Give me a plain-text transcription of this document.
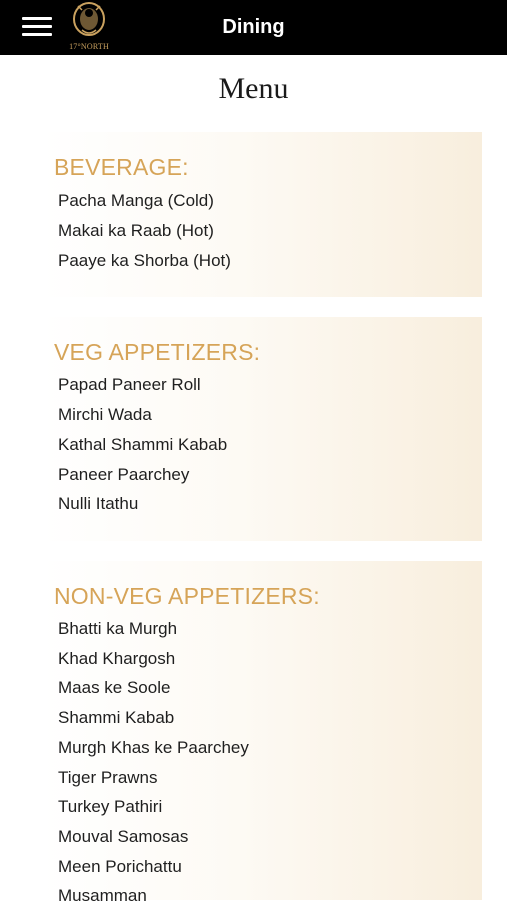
17°NORTH
Dining
Menu
BEVERAGE:
Pacha Manga (Cold)
Makai ka Raab (Hot)
Paaye ka Shorba (Hot)
VEG APPETIZERS:
Papad Paneer Roll
Mirchi Wada
Kathal Shammi Kabab
Paneer Paarchey
Nulli Itathu
NON-VEG APPETIZERS:
Bhatti ka Murgh
Khad Khargosh
Maas ke Soole
Shammi Kabab
Murgh Khas ke Paarchey
Tiger Prawns
Turkey Pathiri
Mouval Samosas
Meen Porichattu
Musamman
